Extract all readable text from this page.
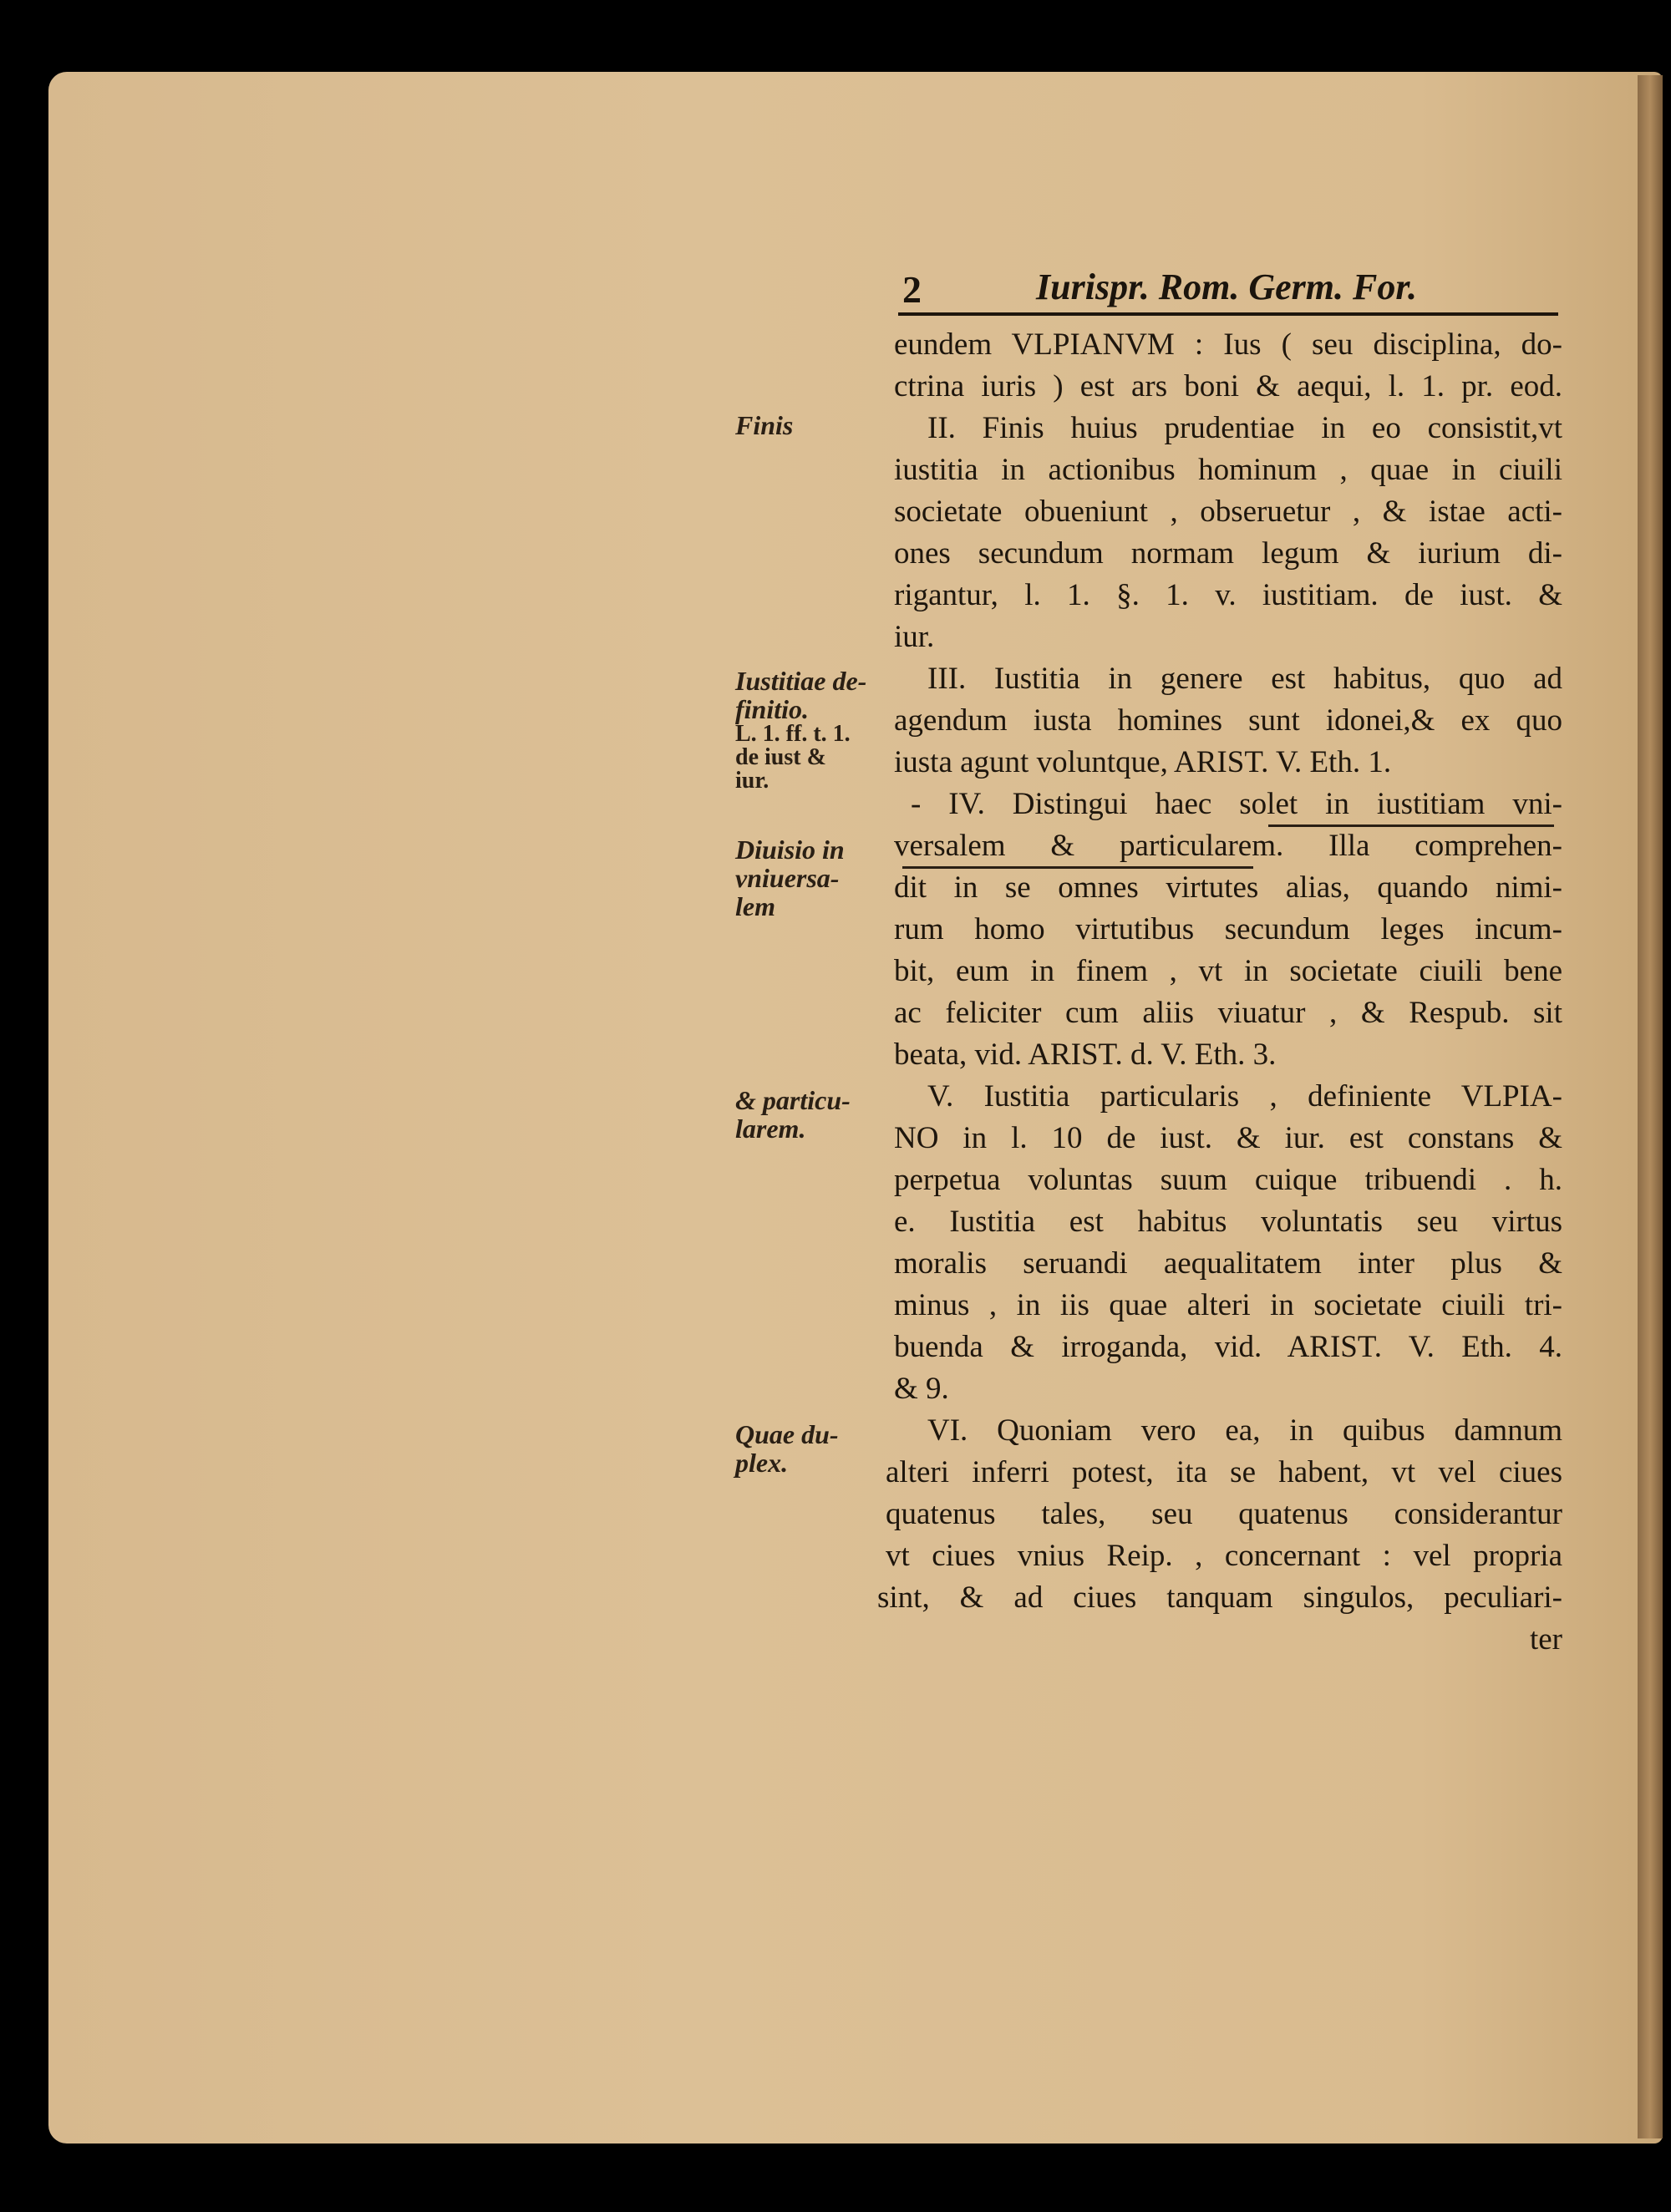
2	Iurispr. Rom. Germ. For.
eundem VLPIANVM : Ius ( seu disciplina, do-
ctrina iuris ) est ars boni & aequi, l. 1. pr. eod.
II. Finis huius prudentiae in eo consistit,vt
iustitia in actionibus hominum , quae in ciuili
societate obueniunt , obseruetur , & istae acti-
ones secundum normam legum & iurium di-
rigantur, l. 1. §. 1. v. iustitiam. de iust. &
iur.
III. Iustitia in genere est habitus, quo ad
agendum iusta homines sunt idonei,& ex quo
iusta agunt voluntque, ARIST. V. Eth. 1.
- IV. Distingui haec solet in iustitiam vni-
versalem & particularem. Illa comprehen-
dit in se omnes virtutes alias, quando nimi-
rum homo virtutibus secundum leges incum-
bit, eum in finem , vt in societate ciuili bene
ac feliciter cum aliis viuatur , & Respub. sit
beata, vid. ARIST. d. V. Eth. 3.
V. Iustitia particularis , definiente VLPIA-
NO in l. 10 de iust. & iur. est constans &
perpetua voluntas suum cuique tribuendi . h.
e. Iustitia est habitus voluntatis seu virtus
moralis seruandi aequalitatem inter plus &
minus , in iis quae alteri in societate ciuili tri-
buenda & irroganda, vid. ARIST. V. Eth. 4.
& 9.
VI. Quoniam vero ea, in quibus damnum
alteri inferri potest, ita se habent, vt vel ciues
quatenus tales, seu quatenus considerantur
vt ciues vnius Reip. , concernant : vel propria
sint, & ad ciues tanquam singulos, peculiari-
ter
Finis
Iustitiae de-
finitio.
L. 1. ff. t. 1.
de iust &
iur.
Diuisio in
vniuersa-
lem
& particu-
larem.
Quae du-
plex.
